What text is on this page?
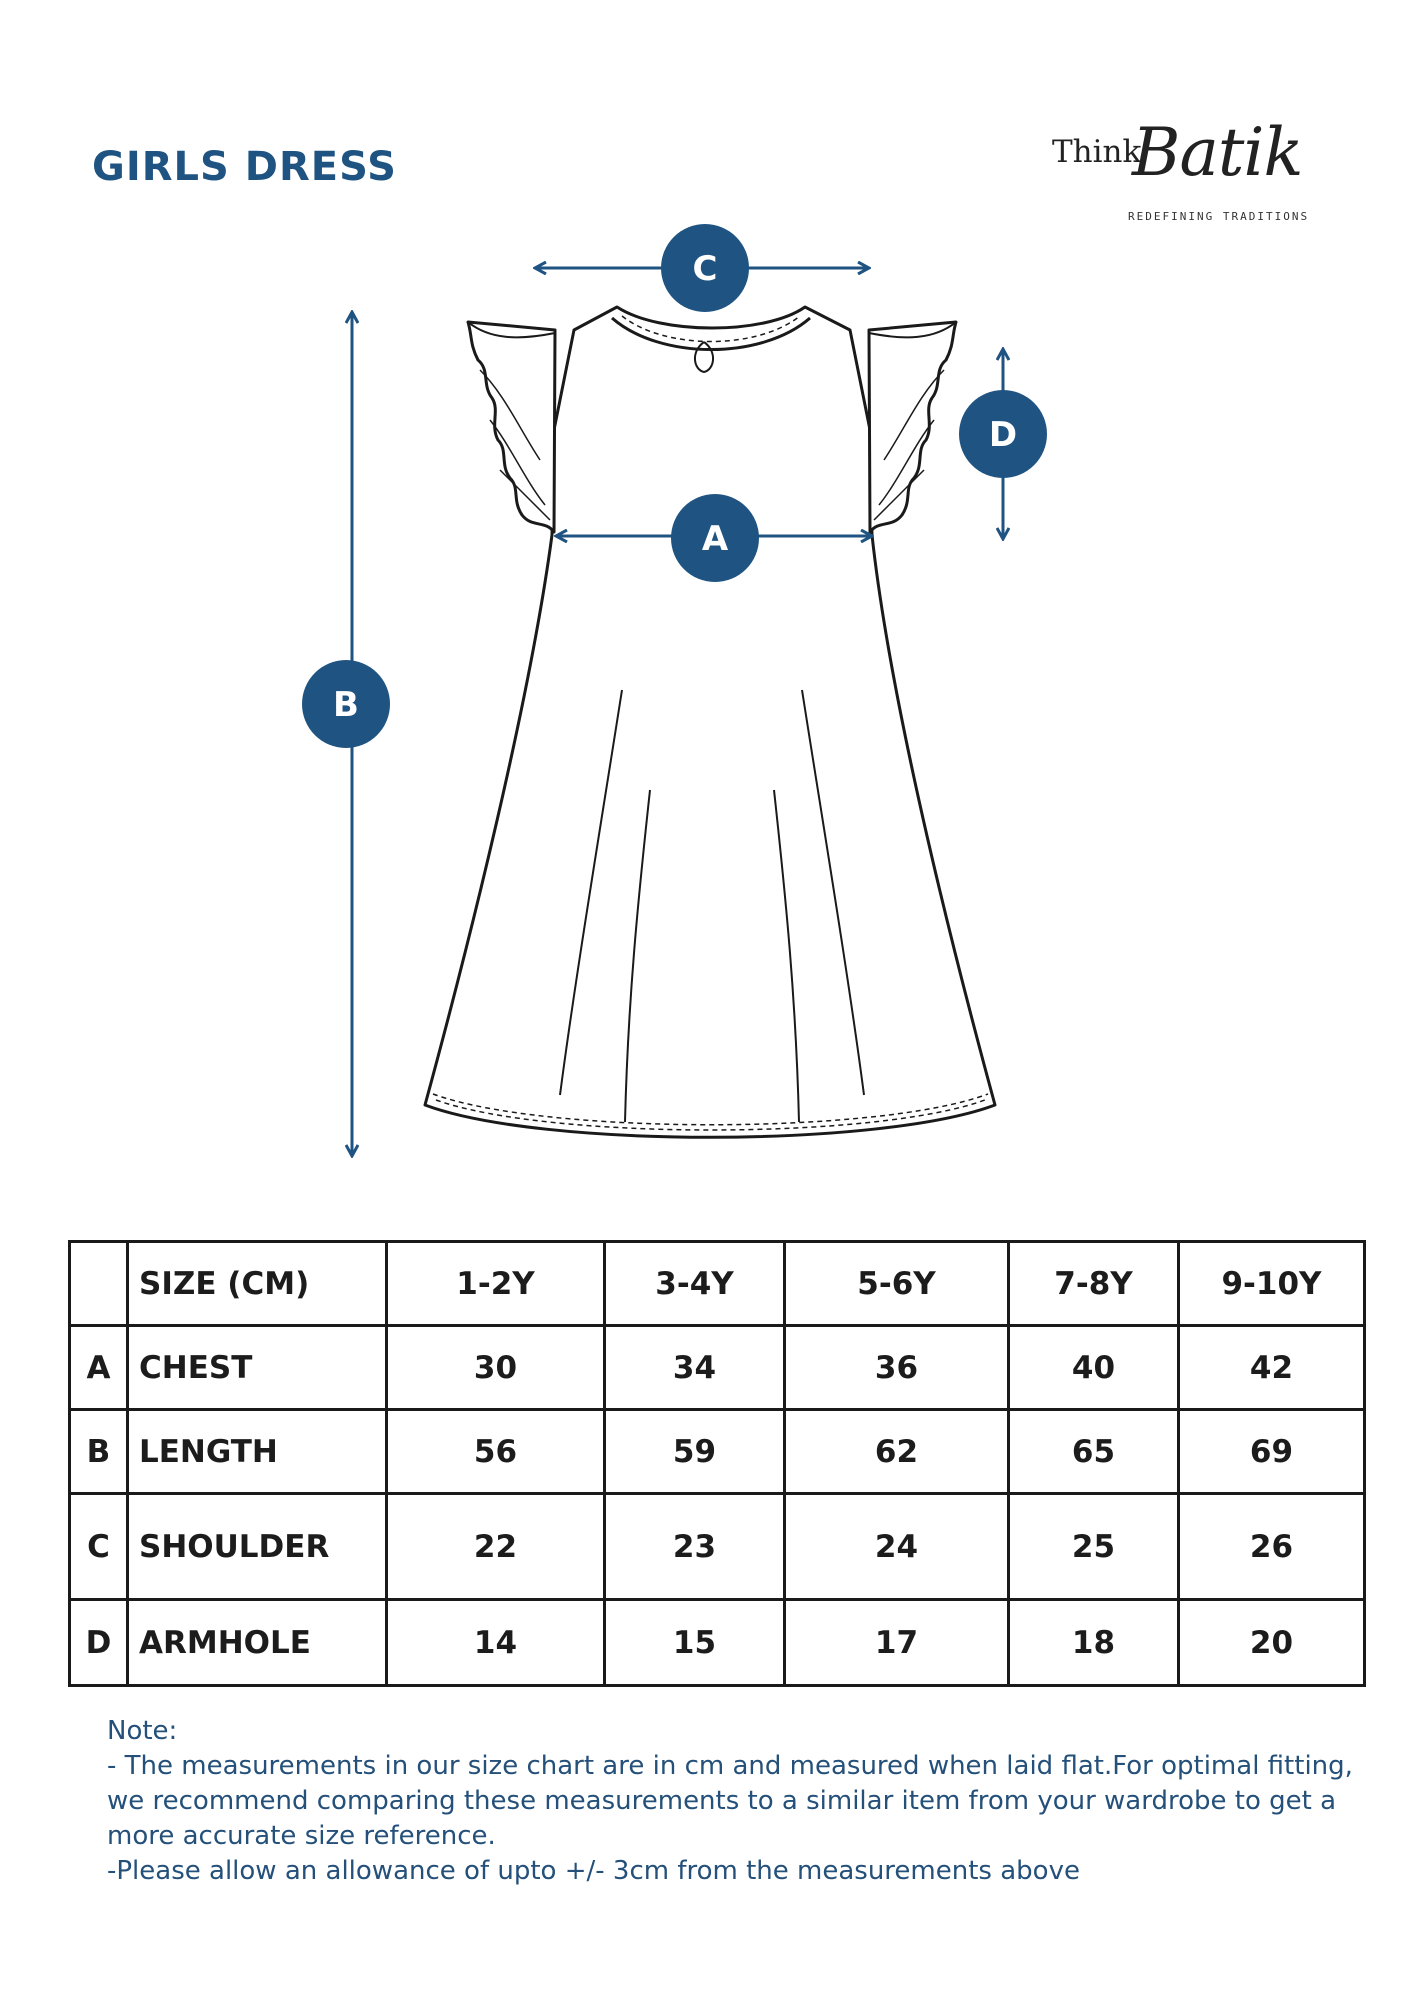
GIRLS DRESS	Think
Batik
REDEFINING TRADITIONS
C
A
B
D
	SIZE (CM)	1-2Y	3-4Y	5-6Y	7-8Y	9-10Y
A	CHEST	30	34	36	40	42
B	LENGTH	56	59	62	65	69
C	SHOULDER	22	23	24	25	26
D	ARMHOLE	14	15	17	18	20
Note:
- The measurements in our size chart are in cm and measured when laid flat.For optimal fitting,
we recommend comparing these measurements to a similar item from your wardrobe to get a
more accurate size reference.
-Please allow an allowance of upto +/- 3cm from the measurements above
